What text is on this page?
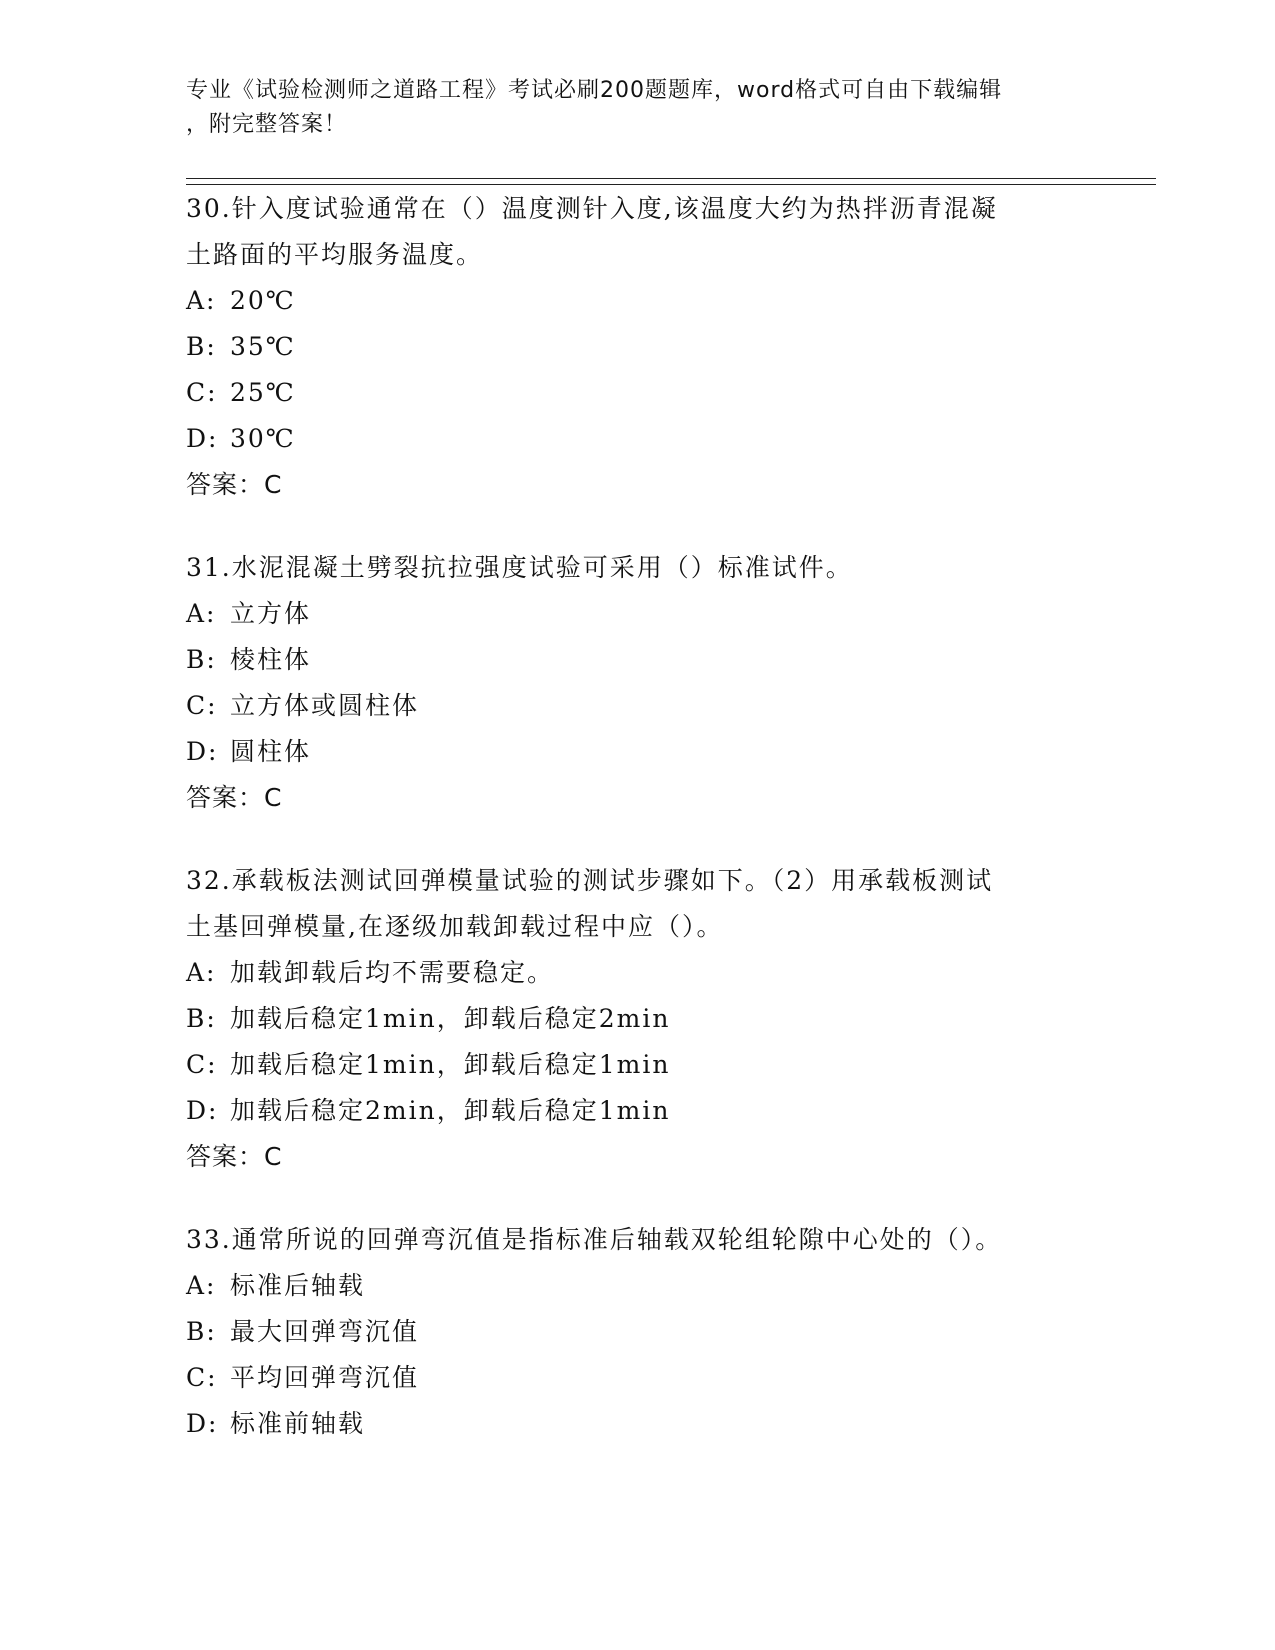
专业《试验检测师之道路工程》考试必刷200题题库，word格式可自由下载编辑
，附完整答案！

30.针入度试验通常在（）温度测针入度,该温度大约为热拌沥青混凝

土路面的平均服务温度。

A: 20℃

B: 35℃

C: 25℃

D: 30℃

答案：C

31.水泥混凝土劈裂抗拉强度试验可采用（）标准试件。

A: 立方体

B: 棱柱体

C: 立方体或圆柱体

D: 圆柱体

答案：C

32.承载板法测试回弹模量试验的测试步骤如下。（2）用承载板测试

土基回弹模量,在逐级加载卸载过程中应（）。

A: 加载卸载后均不需要稳定。

B: 加载后稳定1min，卸载后稳定2min

C: 加载后稳定1min，卸载后稳定1min

D: 加载后稳定2min，卸载后稳定1min

答案：C

33.通常所说的回弹弯沉值是指标准后轴载双轮组轮隙中心处的（）。

A: 标准后轴载

B: 最大回弹弯沉值

C: 平均回弹弯沉值

D: 标准前轴载
